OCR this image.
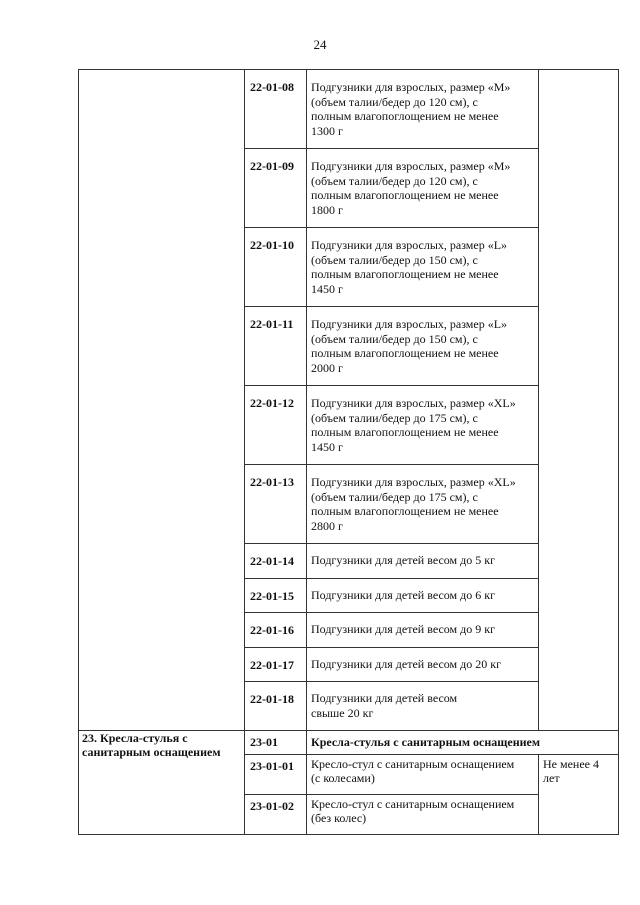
24
	22-01-08	Подгузники для взрослых, размер «M»
(объем талии/бедер до 120 см), с
полным влагопоглощением не менее
1300 г	

	22-01-09	Подгузники для взрослых, размер «M»
(объем талии/бедер до 120 см), с
полным влагопоглощением не менее
1800 г	

	22-01-10	Подгузники для взрослых, размер «L»
(объем талии/бедер до 150 см), с
полным влагопоглощением не менее
1450 г	

	22-01-11	Подгузники для взрослых, размер «L»
(объем талии/бедер до 150 см), с
полным влагопоглощением не менее
2000 г	

	22-01-12	Подгузники для взрослых, размер «XL»
(объем талии/бедер до 175 см), с
полным влагопоглощением не менее
1450 г	

	22-01-13	Подгузники для взрослых, размер «XL»
(объем талии/бедер до 175 см), с
полным влагопоглощением не менее
2800 г	

	22-01-14	Подгузники для детей весом до 5 кг	

	22-01-15	Подгузники для детей весом до 6 кг	

	22-01-16	Подгузники для детей весом до 9 кг	

	22-01-17	Подгузники для детей весом до 20 кг	

	22-01-18	Подгузники для детей весом
свыше 20 кг	

23. Кресла-стулья с санитарным оснащением	23-01	Кресла-стулья с санитарным оснащением	
	23-01-01	Кресло-стул с санитарным оснащением
(с колесами)	Не менее 4
лет

	23-01-02	Кресло-стул с санитарным оснащением
(без колес)	
